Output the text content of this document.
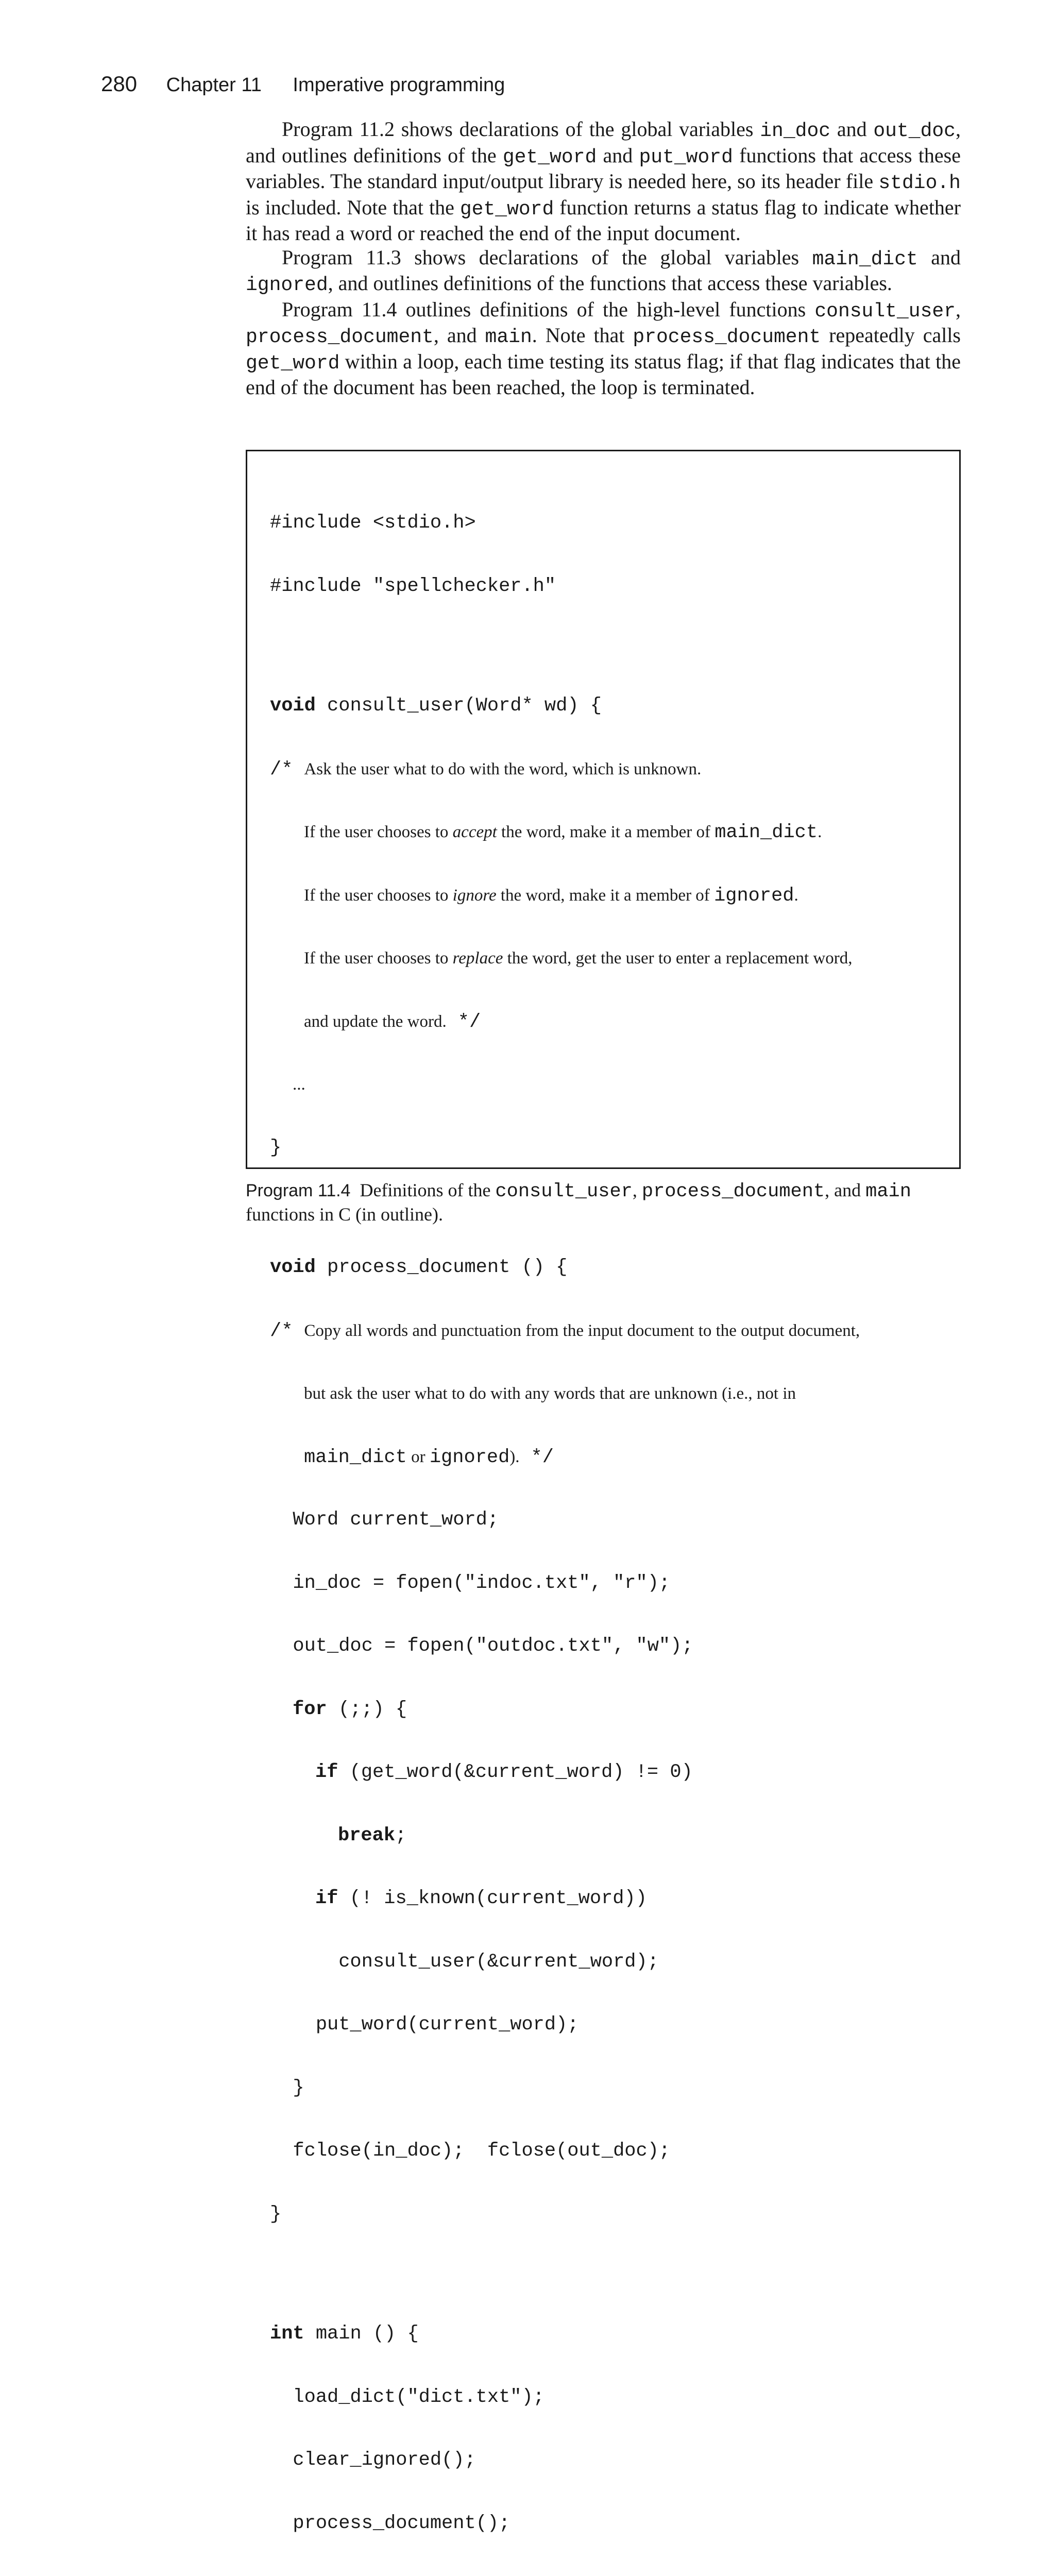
280 Chapter 11 Imperative programming

Program 11.2 shows declarations of the global variables in_doc and out_doc, and outlines definitions of the get_word and put_word functions that access these variables. The standard input/output library is needed here, so its header file stdio.h is included. Note that the get_word function returns a status flag to indicate whether it has read a word or reached the end of the input document.

Program 11.3 shows declarations of the global variables main_dict and ignored, and outlines definitions of the functions that access these variables.

Program 11.4 outlines definitions of the high-level functions consult_user, process_document, and main. Note that process_document repeatedly calls get_word within a loop, each time testing its status flag; if that flag indicates that the end of the document has been reached, the loop is terminated.

#include <stdio.h>

#include "spellchecker.h"

void consult_user(Word* wd) {

/* Ask the user what to do with the word, which is unknown.

If the user chooses to accept the word, make it a member of main_dict.

If the user chooses to ignore the word, make it a member of ignored.

If the user chooses to replace the word, get the user to enter a replacement word,

and update the word. */

...

}

void process_document () {

/* Copy all words and punctuation from the input document to the output document,

but ask the user what to do with any words that are unknown (i.e., not in

main_dict or ignored). */

Word current_word;

in_doc = fopen("indoc.txt", "r");

out_doc = fopen("outdoc.txt", "w");

for (;;) {

if (get_word(&current_word) != 0)

break;

if (! is_known(current_word))

consult_user(&current_word);

put_word(current_word);

}

fclose(in_doc);  fclose(out_doc);

}

int main () {

load_dict("dict.txt");

clear_ignored();

process_document();

Program 11.4 Definitions of the consult_user, process_document, and main functions in C (in outline).
